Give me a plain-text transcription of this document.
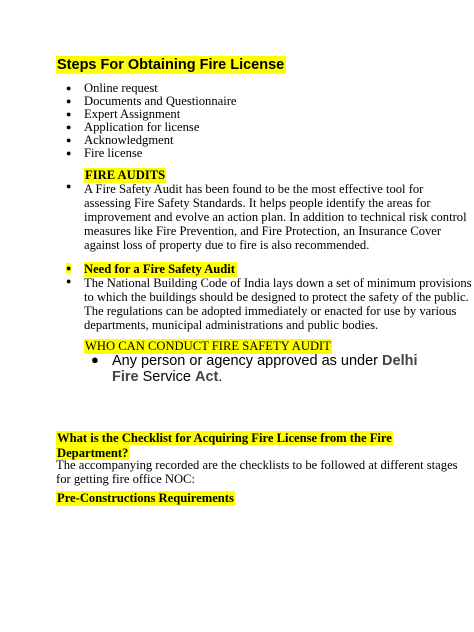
Steps For Obtaining Fire License
● Online request
● Documents and Questionnaire
● Expert Assignment
● Application for license
● Acknowledgment
● Fire license
FIRE AUDITS
● A Fire Safety Audit has been found to be the most effective tool for
assessing Fire Safety Standards. It helps people identify the areas for
improvement and evolve an action plan. In addition to technical risk control
measures like Fire Prevention, and Fire Protection, an Insurance Cover
against loss of property due to fire is also recommended.
● Need for a Fire Safety Audit
● The National Building Code of India lays down a set of minimum provisions
to which the buildings should be designed to protect the safety of the public.
The regulations can be adopted immediately or enacted for use by various
departments, municipal administrations and public bodies.
WHO CAN CONDUCT FIRE SAFETY AUDIT
● Any person or agency approved as under Delhi
Fire Service Act.
What is the Checklist for Acquiring Fire License from the Fire
Department?
The accompanying recorded are the checklists to be followed at different stages
for getting fire office NOC:
Pre-Constructions Requirements
